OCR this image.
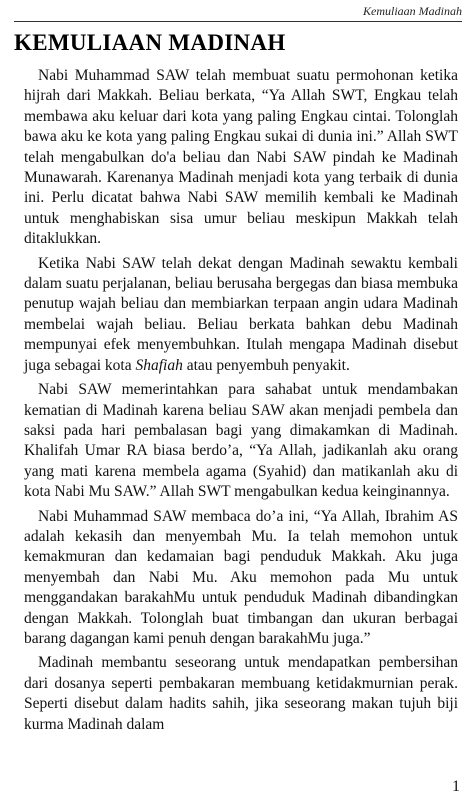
Kemuliaan Madinah
KEMULIAAN MADINAH

Nabi Muhammad SAW telah membuat suatu permohonan ketika hijrah dari Makkah. Beliau berkata, “Ya Allah SWT, Engkau telah membawa aku keluar dari kota yang paling Engkau cintai. Tolonglah bawa aku ke kota yang paling Engkau sukai di dunia ini.” Allah SWT telah mengabulkan do'a beliau dan Nabi SAW pindah ke Madinah Munawarah. Karenanya Madinah menjadi kota yang terbaik di dunia ini. Perlu dicatat bahwa Nabi SAW memilih kembali ke Madinah untuk menghabiskan sisa umur beliau meskipun Makkah telah ditaklukkan.

Ketika Nabi SAW telah dekat dengan Madinah sewaktu kembali dalam suatu perjalanan, beliau berusaha bergegas dan biasa membuka penutup wajah beliau dan membiarkan terpaan angin udara Madinah membelai wajah beliau. Beliau berkata bahkan debu Madinah mempunyai efek menyembuhkan. Itulah mengapa Madinah disebut juga sebagai kota Shafiah atau penyembuh penyakit.

Nabi SAW memerintahkan para sahabat untuk mendambakan kematian di Madinah karena beliau SAW akan menjadi pembela dan saksi pada hari pembalasan bagi yang dimakamkan di Madinah. Khalifah Umar RA biasa berdo’a, “Ya Allah, jadikanlah aku orang yang mati karena membela agama (Syahid) dan matikanlah aku di kota Nabi Mu SAW.” Allah SWT mengabulkan kedua keinginannya.

Nabi Muhammad SAW membaca do’a ini, “Ya Allah, Ibrahim AS adalah kekasih dan menyembah Mu. Ia telah memohon untuk kemakmuran dan kedamaian bagi penduduk Makkah. Aku juga menyembah dan Nabi Mu. Aku memohon pada Mu untuk menggandakan barakahMu untuk penduduk Madinah dibandingkan dengan Makkah. Tolonglah buat timbangan dan ukuran berbagai barang dagangan kami penuh dengan barakahMu juga.”

Madinah membantu seseorang untuk mendapatkan pembersihan dari dosanya seperti pembakaran membuang ketidakmurnian perak. Seperti disebut dalam hadits sahih, jika seseorang makan tujuh biji kurma Madinah dalam

1
